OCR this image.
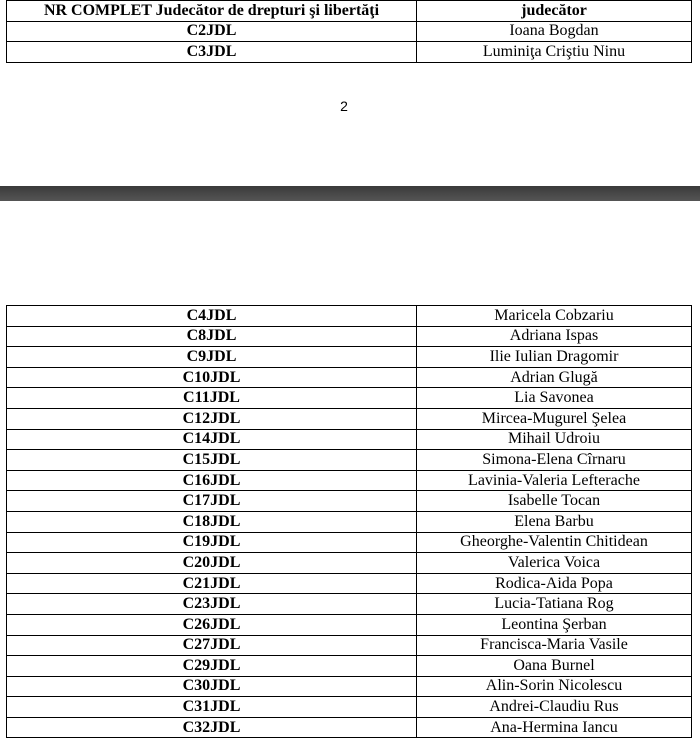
NR COMPLET Judecător de drepturi şi libertăţi	judecător
C2JDL	Ioana Bogdan
C3JDL	Luminiţa Criştiu Ninu
2
C4JDL	Maricela Cobzariu
C8JDL	Adriana Ispas
C9JDL	Ilie Iulian Dragomir
C10JDL	Adrian Glugă
C11JDL	Lia Savonea
C12JDL	Mircea-Mugurel Şelea
C14JDL	Mihail Udroiu
C15JDL	Simona-Elena Cîrnaru
C16JDL	Lavinia-Valeria Lefterache
C17JDL	Isabelle Tocan
C18JDL	Elena Barbu
C19JDL	Gheorghe-Valentin Chitidean
C20JDL	Valerica Voica
C21JDL	Rodica-Aida Popa
C23JDL	Lucia-Tatiana Rog
C26JDL	Leontina Şerban
C27JDL	Francisca-Maria Vasile
C29JDL	Oana Burnel
C30JDL	Alin-Sorin Nicolescu
C31JDL	Andrei-Claudiu Rus
C32JDL	Ana-Hermina Iancu
